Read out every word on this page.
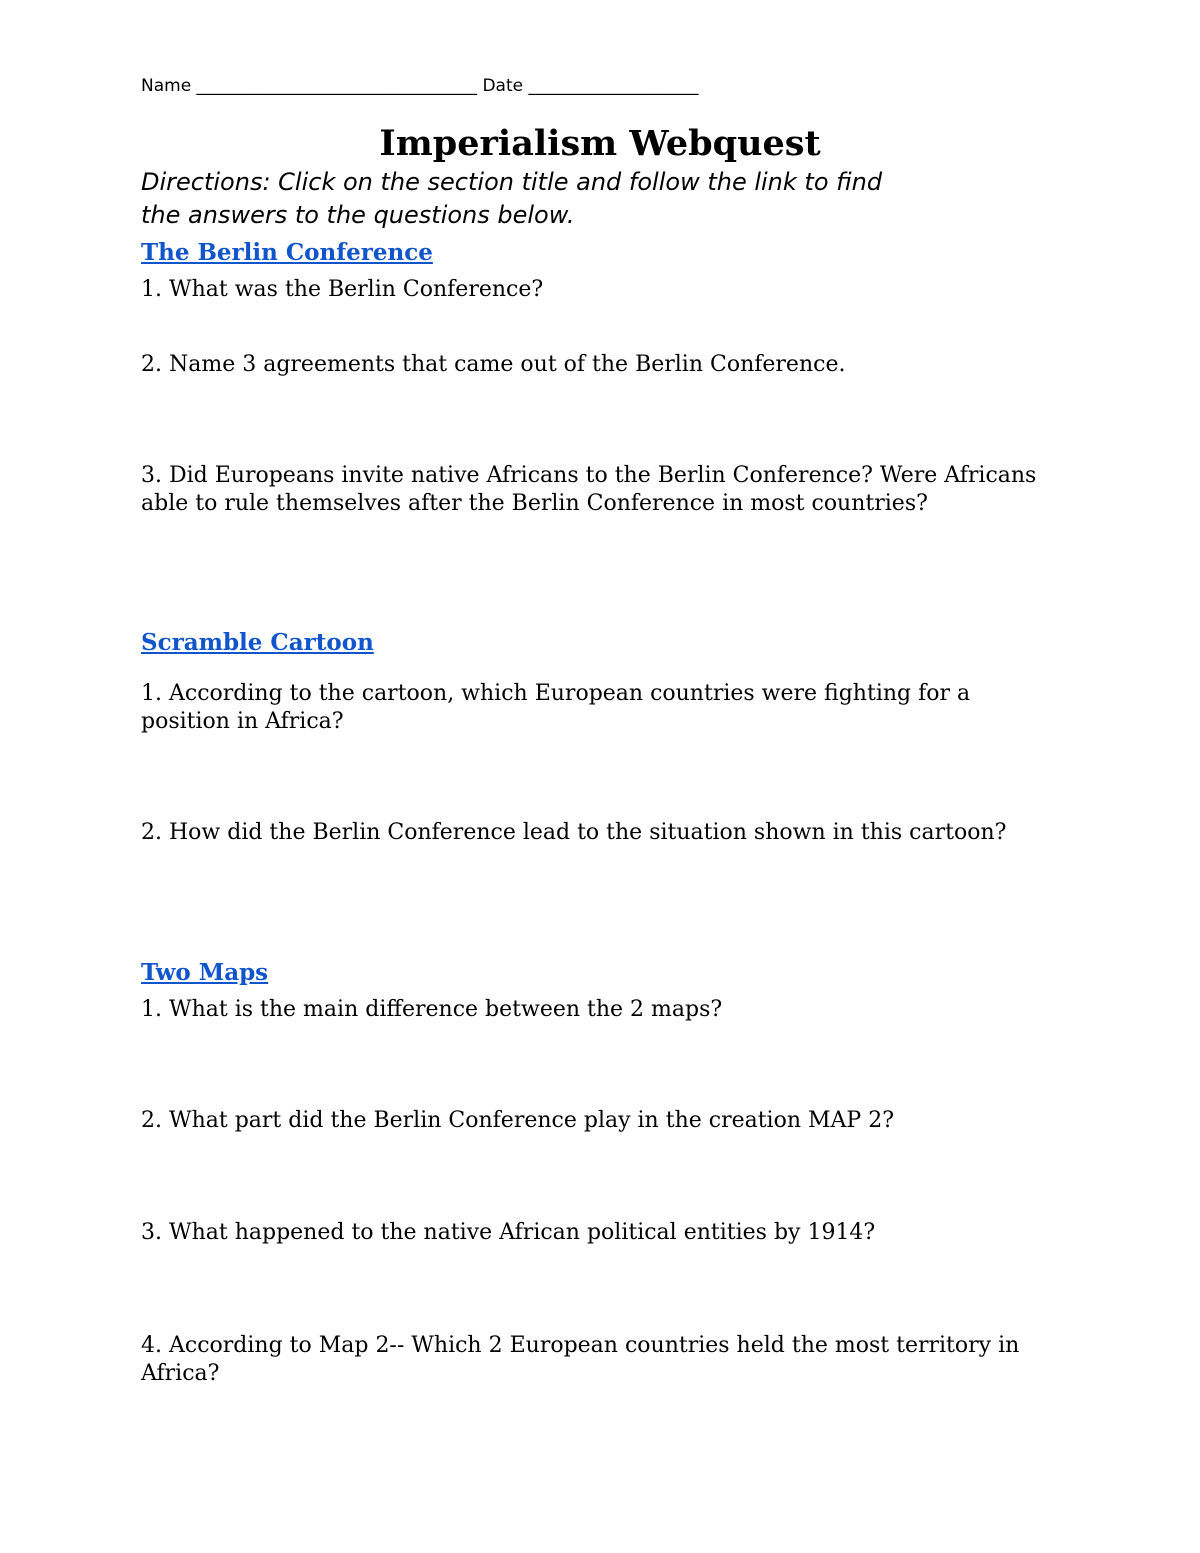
Name _________________________________ Date ____________________
Imperialism Webquest
Directions: Click on the section title and follow the link to find
the answers to the questions below.
The Berlin Conference
1. What was the Berlin Conference?
2. Name 3 agreements that came out of the Berlin Conference.
3. Did Europeans invite native Africans to the Berlin Conference? Were Africans able to rule themselves after the Berlin Conference in most countries?
Scramble Cartoon
1. According to the cartoon, which European countries were fighting for a position in Africa?
2. How did the Berlin Conference lead to the situation shown in this cartoon?
Two Maps
1. What is the main difference between the 2 maps?
2. What part did the Berlin Conference play in the creation MAP 2?
3. What happened to the native African political entities by 1914?
4. According to Map 2-- Which 2 European countries held the most territory in Africa?
